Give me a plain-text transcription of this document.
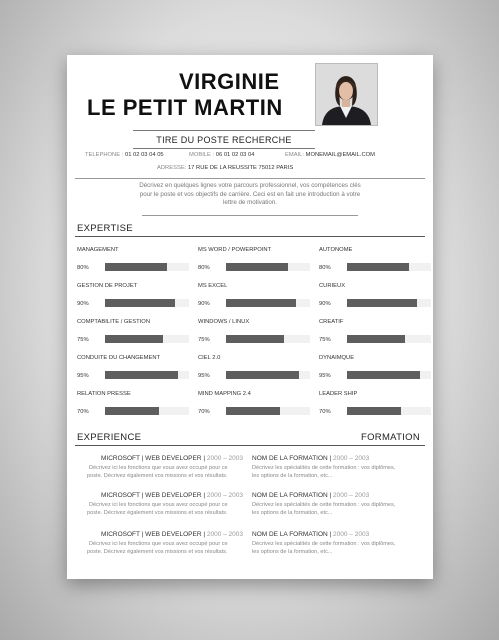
VIRGINIE
LE PETIT MARTIN
TIRE DU POSTE RECHERCHE
TELEPHONE : 01 02 03 04 05	MOBILE : 06 01 02 03 04	EMAIL: MONEMAIL@EMAIL.COM
ADRESSE: 17 RUE DE LA REUSSITE 75012 PARIS
Décrivez en quelques lignes votre parcours professionnel, vos compétences clés
pour le poste et vos objectifs de carrière. Ceci est en fait une introduction à votre
lettre de motivation.
EXPERTISE
EXPERIENCE	FORMATION
MANAGEMENT
80%
MS WORD / POWERPOINT
80%
AUTONOME
80%
GESTION DE PROJET
90%
MS EXCEL
90%
CURIEUX
90%
COMPTABILITE / GESTION
75%
WINDOWS / LINUX
75%
CREATIF
75%
CONDUITE DU CHANGEMENT
95%
CIEL 2.0
95%
DYNAIMQUE
95%
RELATION PRESSE
70%
MIND MAPPING 2.4
70%
LEADER SHIP
70%
MICROSOFT | WEB DEVELOPER | 2000 – 2003
Décrivez ici les fonctions que vous avez occupé pour ce
poste. Décrivez également vos missions et vos résultats.
MICROSOFT | WEB DEVELOPER | 2000 – 2003
Décrivez ici les fonctions que vous avez occupé pour ce
poste. Décrivez également vos missions et vos résultats.
MICROSOFT | WEB DEVELOPER | 2000 – 2003
Décrivez ici les fonctions que vous avez occupé pour ce
poste. Décrivez également vos missions et vos résultats.
NOM DE LA FORMATION | 2000 – 2003
Décrivez les spécialités de cette formation : vos diplômes,
les options de la formation, etc...
NOM DE LA FORMATION | 2000 – 2003
Décrivez les spécialités de cette formation : vos diplômes,
les options de la formation, etc...
NOM DE LA FORMATION | 2000 – 2003
Décrivez les spécialités de cette formation : vos diplômes,
les options de la formation, etc...
